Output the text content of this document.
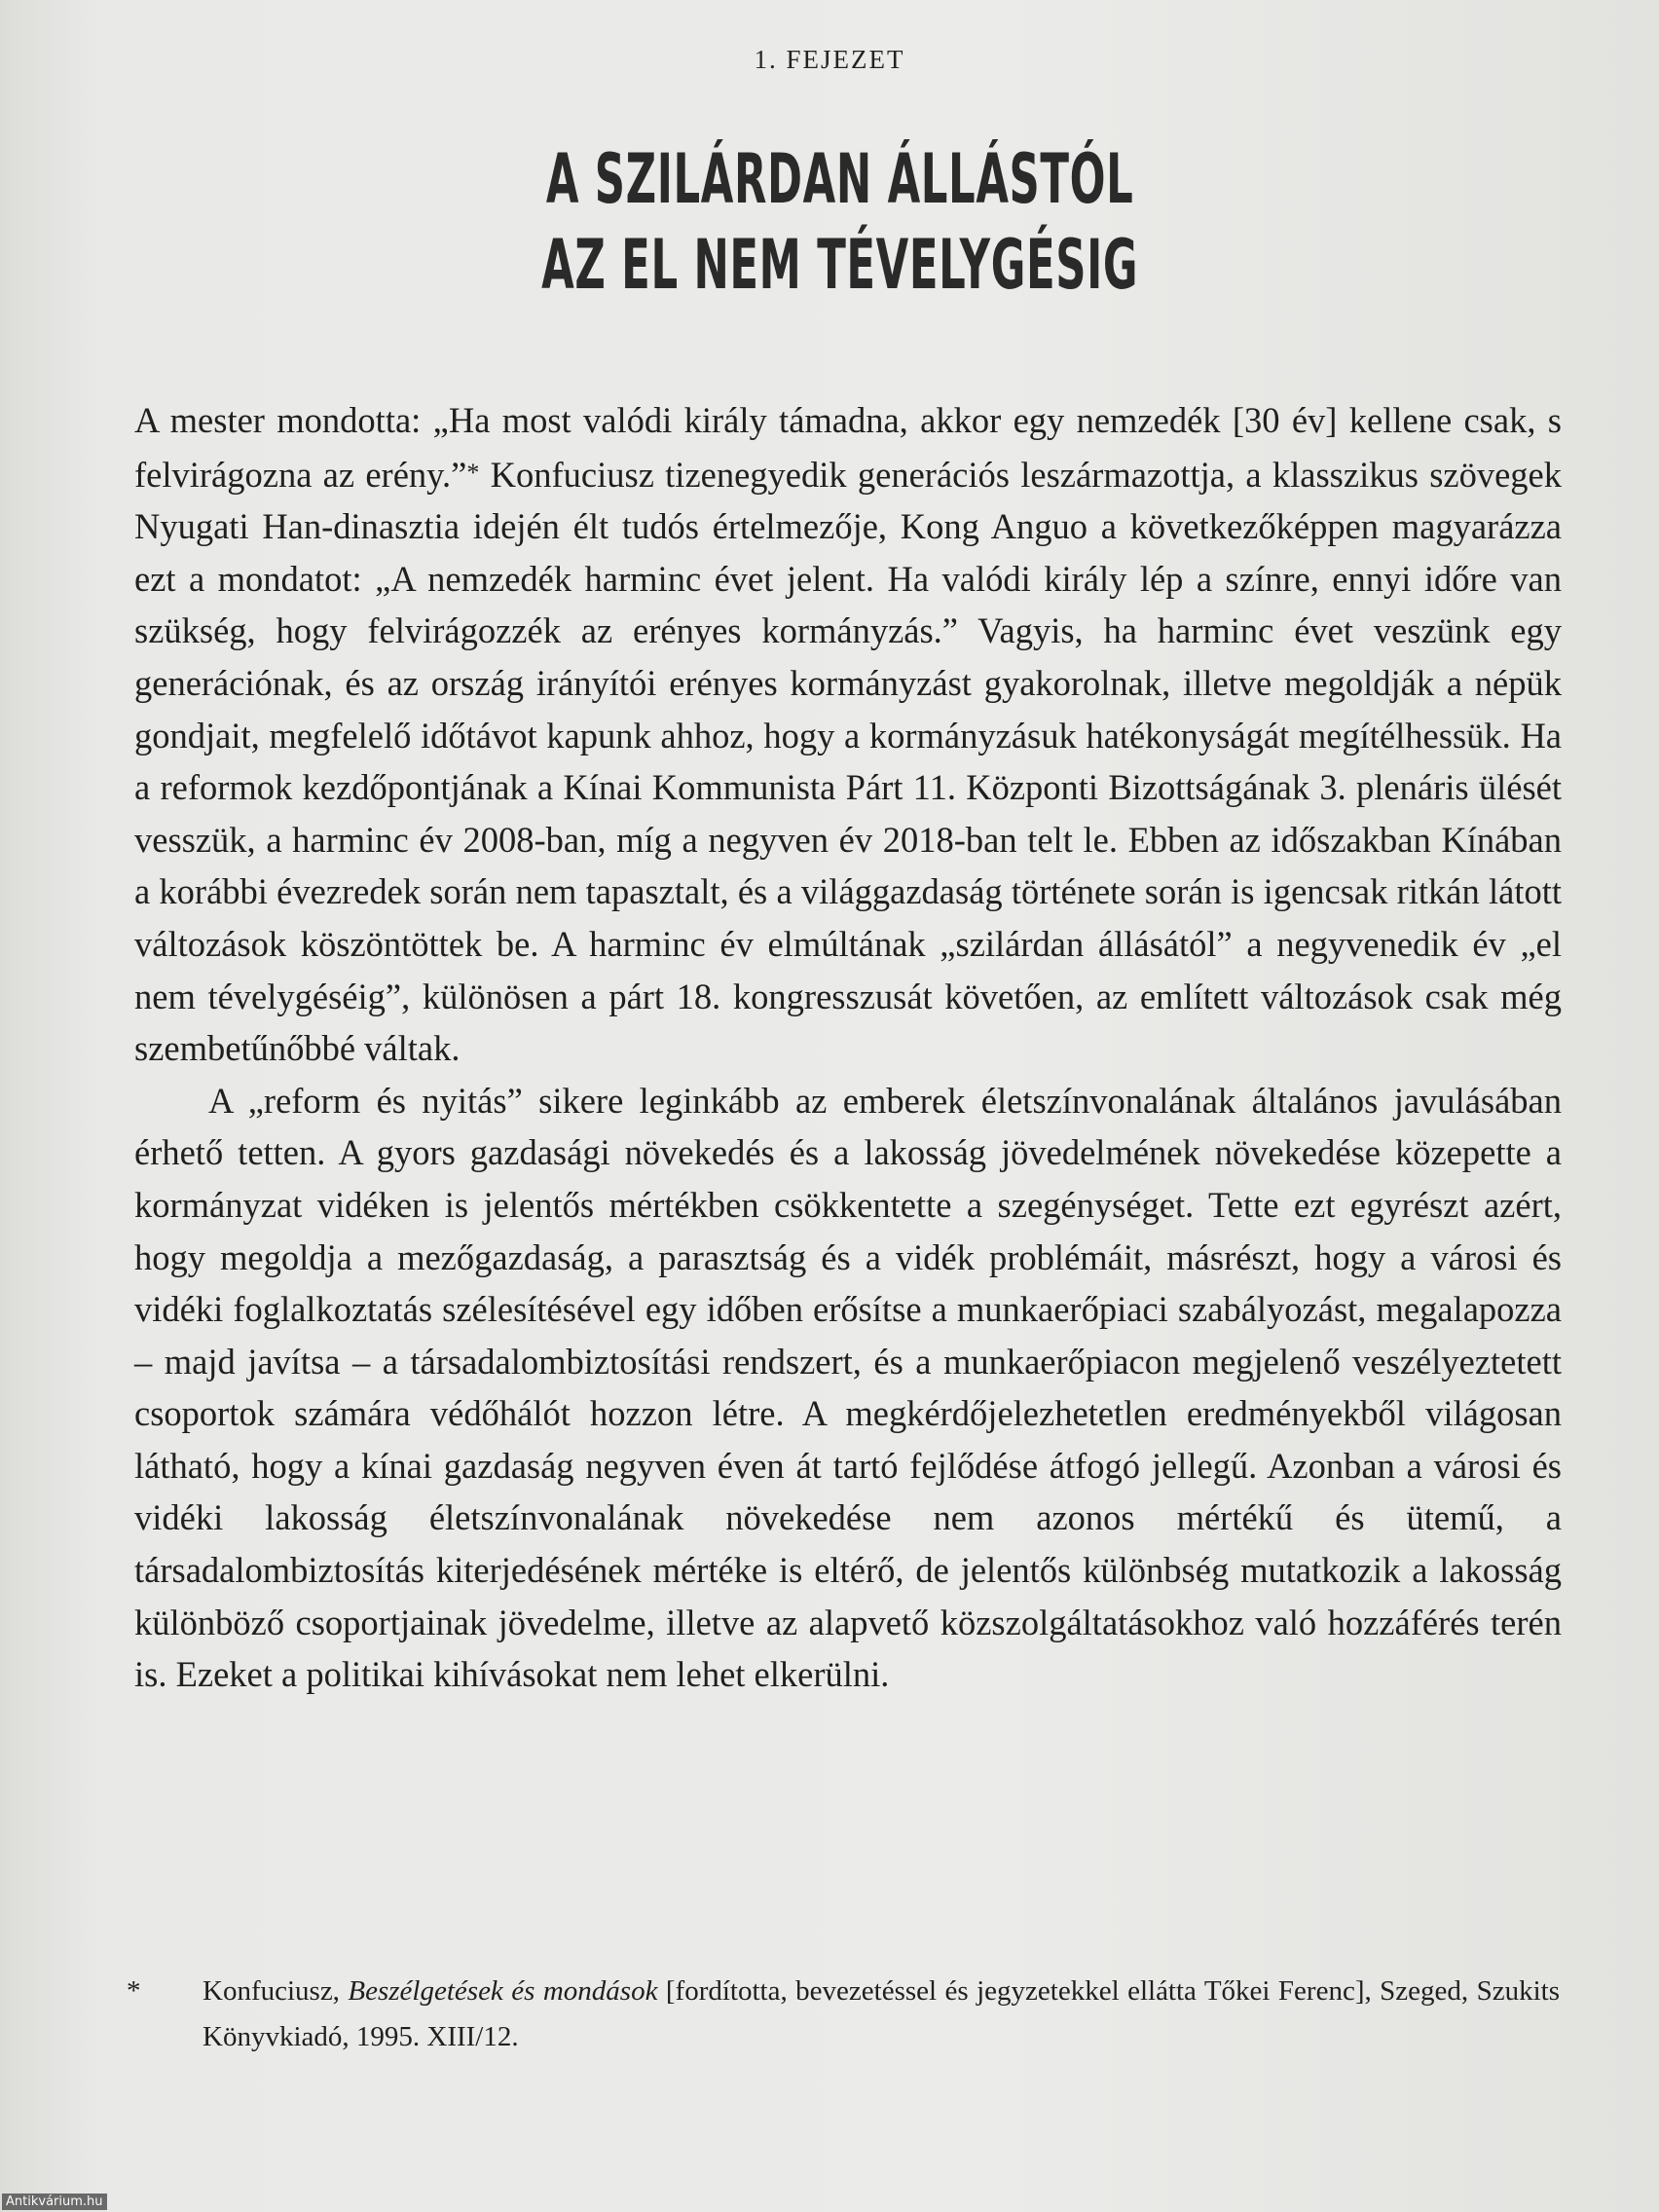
1. FEJEZET
A SZILÁRDAN ÁLLÁSTÓL
AZ EL NEM TÉVELYGÉSIG

A mester mondotta: „Ha most valódi király támadna, akkor egy nemzedék [30 év] kellene csak, s felvirágozna az erény.”* Konfuciusz tizenegyedik generációs leszármazottja, a klasszikus szövegek Nyugati Han-dinasztia idején élt tudós értelmezője, Kong Anguo a következőképpen magyarázza ezt a mondatot: „A nemzedék harminc évet jelent. Ha valódi király lép a színre, ennyi időre van szükség, hogy felvirágozzék az erényes kormányzás.” Vagyis, ha harminc évet veszünk egy generációnak, és az ország irányítói erényes kormányzást gyakorolnak, illetve megoldják a népük gondjait, megfelelő időtávot kapunk ahhoz, hogy a kormányzásuk hatékonyságát megítélhessük. Ha a reformok kezdőpontjának a Kínai Kommunista Párt 11. Központi Bizottságának 3. plenáris ülését vesszük, a harminc év 2008-ban, míg a negyven év 2018-ban telt le. Ebben az időszakban Kínában a korábbi évezredek során nem tapasztalt, és a világgazdaság története során is igencsak ritkán látott változások köszöntöttek be. A harminc év elmúltának „szilárdan állásától” a negyvenedik év „el nem tévelygéséig”, különösen a párt 18. kongresszusát követően, az említett változások csak még szembetűnőbbé váltak.

A „reform és nyitás” sikere leginkább az emberek életszínvonalának általános javulásában érhető tetten. A gyors gazdasági növekedés és a lakosság jövedelmének növekedése közepette a kormányzat vidéken is jelentős mértékben csökkentette a szegénységet. Tette ezt egyrészt azért, hogy megoldja a mezőgazdaság, a parasztság és a vidék problémáit, másrészt, hogy a városi és vidéki foglalkoztatás szélesítésével egy időben erősítse a munkaerőpiaci szabályozást, megalapozza – majd javítsa – a társadalombiztosítási rendszert, és a munkaerőpiacon megjelenő veszélyeztetett csoportok számára védőhálót hozzon létre. A megkérdőjelezhetetlen eredményekből világosan látható, hogy a kínai gazdaság negyven éven át tartó fejlődése átfogó jellegű. Azonban a városi és vidéki lakosság életszínvonalának növekedése nem azonos mértékű és ütemű, a társadalombiztosítás kiterjedésének mértéke is eltérő, de jelentős különbség mutatkozik a lakosság különböző csoportjainak jövedelme, illetve az alapvető közszolgáltatásokhoz való hozzáférés terén is. Ezeket a politikai kihívásokat nem lehet elkerülni.

* Konfuciusz, Beszélgetések és mondások [fordította, bevezetéssel és jegyzetekkel ellátta Tőkei Ferenc], Szeged, Szukits Könyvkiadó, 1995. XIII/12.
Antikvárium.hu
